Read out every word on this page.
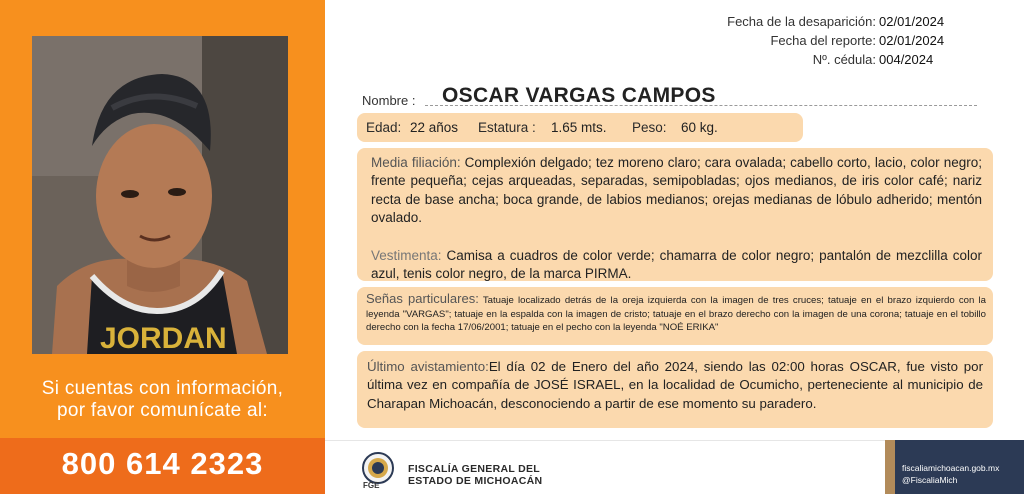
JORDAN
Si cuentas con información,
por favor comunícate al:
800 614 2323
Fecha de la desaparición: 02/01/2024
Fecha del reporte: 02/01/2024
Nº. cédula: 004/2024
Nombre : OSCAR VARGAS CAMPOS
Edad: 22 años Estatura : 1.65 mts. Peso: 60 kg.
Media filiación: Complexión delgado; tez moreno claro; cara ovalada; cabello corto, lacio, color negro; frente pequeña; cejas arqueadas, separadas, semipobladas; ojos medianos, de iris color café; nariz recta de base ancha; boca grande, de labios medianos; orejas medianas de lóbulo adherido; mentón ovalado.
Vestimenta: Camisa a cuadros de color verde; chamarra de color negro; pantalón de mezclilla color azul, tenis color negro, de la marca PIRMA.
Señas particulares: Tatuaje localizado detrás de la oreja izquierda con la imagen de tres cruces; tatuaje en el brazo izquierdo con la leyenda "VARGAS"; tatuaje en la espalda con la imagen de cristo; tatuaje en el brazo derecho con la imagen de una corona; tatuaje en el tobillo derecho con la fecha 17/06/2001; tatuaje en el pecho con la leyenda "NOÉ ERIKA"
Último avistamiento:El día 02 de Enero del año 2024, siendo las 02:00 horas OSCAR, fue visto por última vez en compañía de JOSÉ ISRAEL, en la localidad de Ocumicho, perteneciente al municipio de Charapan Michoacán, desconociendo a partir de ese momento su paradero.
FGE
FISCALÍA GENERAL DEL
ESTADO DE MICHOACÁN
fiscaliamichoacan.gob.mx
@FiscaliaMich
